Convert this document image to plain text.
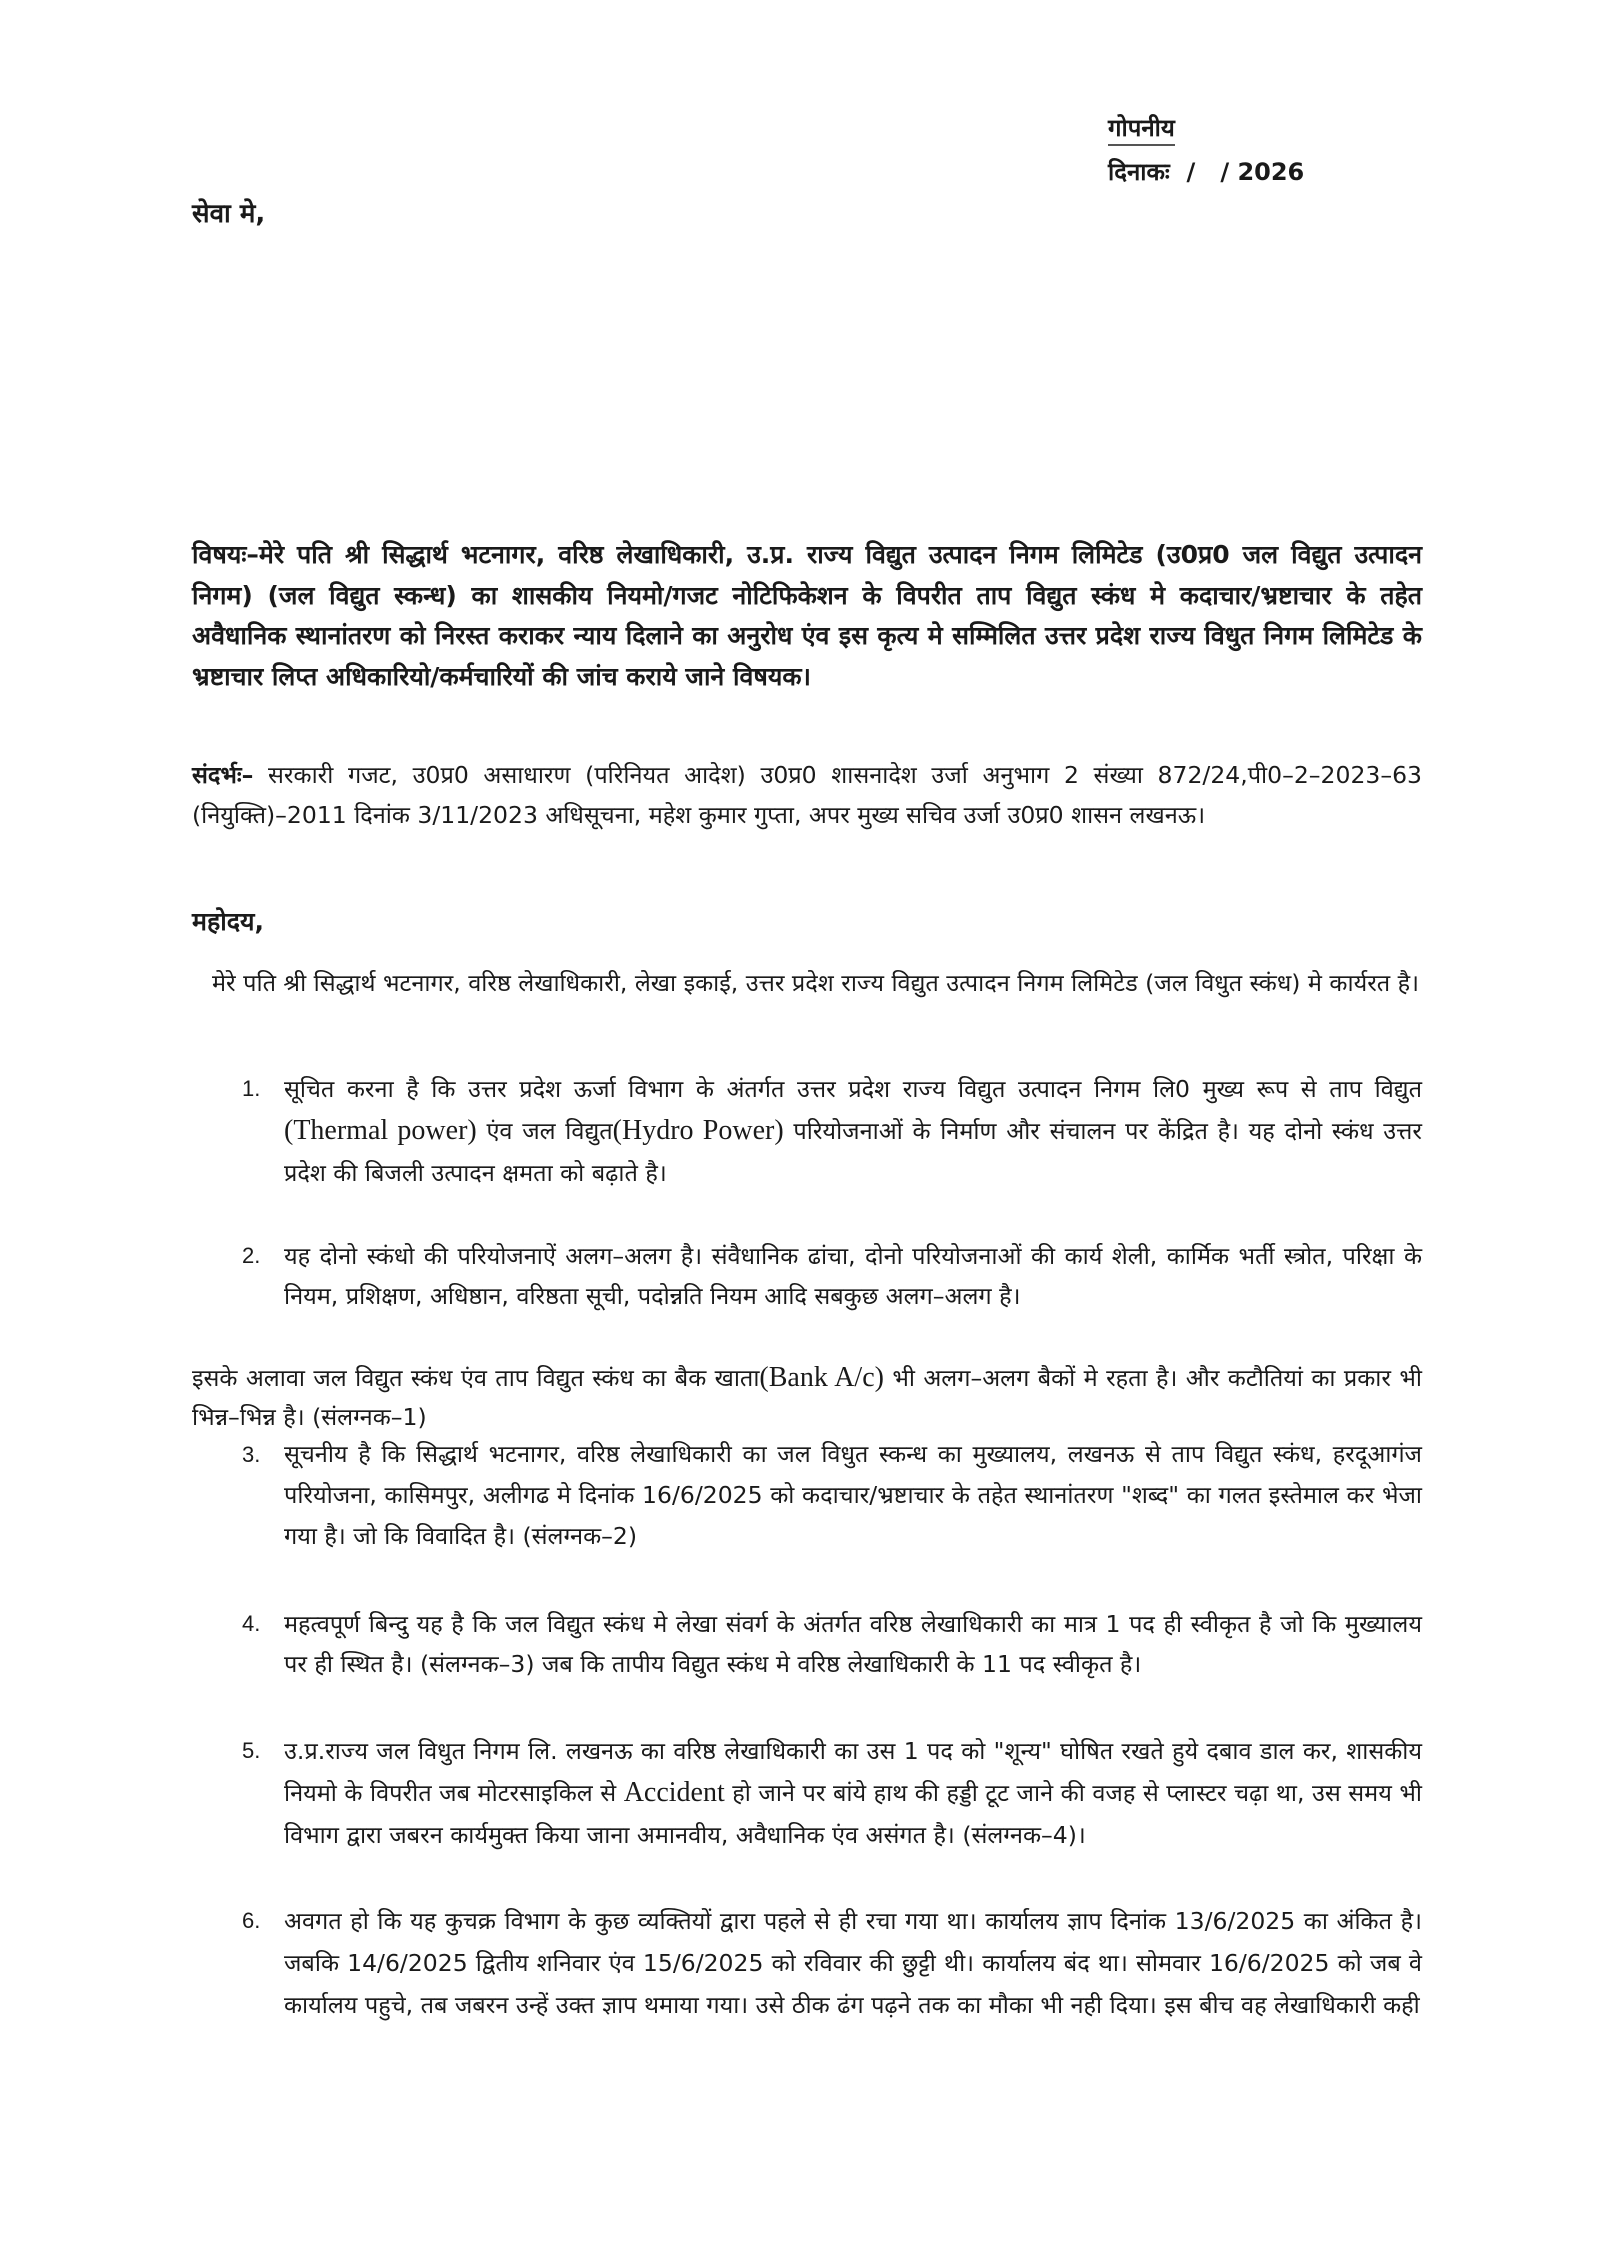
गोपनीय
दिनाकः  /   / 2026
सेवा मे,
विषयः–मेरे पति श्री सिद्धार्थ भटनागर, वरिष्ठ लेखाधिकारी, उ.प्र. राज्य विद्युत उत्पादन निगम लिमिटेड (उ0प्र0 जल विद्युत उत्पादन निगम) (जल विद्युत स्कन्ध) का शासकीय नियमो/गजट नोटिफिकेशन के विपरीत ताप विद्युत स्कंध मे कदाचार/भ्रष्टाचार के तहेत अवैधानिक स्थानांतरण को निरस्त कराकर न्याय दिलाने का अनुरोध एंव इस कृत्य मे सम्मिलित उत्तर प्रदेश राज्य विधुत निगम लिमिटेड के भ्रष्टाचार लिप्त अधिकारियो/कर्मचारियों की जांच कराये जाने विषयक।
संदर्भः– सरकारी गजट, उ0प्र0 असाधारण (परिनियत आदेश) उ0प्र0 शासनादेश उर्जा अनुभाग 2 संख्या 872/24,पी0–2–2023–63 (नियुक्ति)–2011 दिनांक 3/11/2023 अधिसूचना, महेश कुमार गुप्ता, अपर मुख्य सचिव उर्जा उ0प्र0 शासन लखनऊ।
महोदय,
मेरे पति श्री सिद्धार्थ भटनागर, वरिष्ठ लेखाधिकारी, लेखा इकाई, उत्तर प्रदेश राज्य विद्युत उत्पादन निगम लिमिटेड (जल विधुत स्कंध) मे कार्यरत है।
1.	सूचित करना है कि उत्तर प्रदेश ऊर्जा विभाग के अंतर्गत उत्तर प्रदेश राज्य विद्युत उत्पादन निगम लि0 मुख्य रूप से ताप विद्युत (Thermal power) एंव जल विद्युत(Hydro Power) परियोजनाओं के निर्माण और संचालन पर केंद्रित है। यह दोनो स्कंध उत्तर प्रदेश की बिजली उत्पादन क्षमता को बढ़ाते है।
2.	यह दोनो स्कंधो की परियोजनाऐं अलग–अलग है। संवैधानिक ढांचा, दोनो परियोजनाओं की कार्य शेली, कार्मिक भर्ती स्त्रोत, परिक्षा के नियम, प्रशिक्षण, अधिष्ठान, वरिष्ठता सूची, पदोन्नति नियम आदि सबकुछ अलग–अलग है।
इसके अलावा जल विद्युत स्कंध एंव ताप विद्युत स्कंध का बैक खाता(Bank A/c) भी अलग–अलग बैकों मे रहता है। और कटौतियां का प्रकार भी भिन्न–भिन्न है। (संलग्नक–1)
3.	सूचनीय है कि सिद्धार्थ भटनागर, वरिष्ठ लेखाधिकारी का जल विधुत स्कन्ध का मुख्यालय, लखनऊ से ताप विद्युत स्कंध, हरदूआगंज परियोजना, कासिमपुर, अलीगढ मे दिनांक 16/6/2025 को कदाचार/भ्रष्टाचार के तहेत स्थानांतरण "शब्द" का गलत इस्तेमाल कर भेजा गया है। जो कि विवादित है। (संलग्नक–2)
4.	महत्वपूर्ण बिन्दु यह है कि जल विद्युत स्कंध मे लेखा संवर्ग के अंतर्गत वरिष्ठ लेखाधिकारी का मात्र 1 पद ही स्वीकृत है जो कि मुख्यालय पर ही स्थित है। (संलग्नक–3) जब कि तापीय विद्युत स्कंध मे वरिष्ठ लेखाधिकारी के 11 पद स्वीकृत है।
5.	उ.प्र.राज्य जल विधुत निगम लि. लखनऊ का वरिष्ठ लेखाधिकारी का उस 1 पद को "शून्य" घोषित रखते हुये दबाव डाल कर, शासकीय नियमो के विपरीत जब मोटरसाइकिल से Accident हो जाने पर बांये हाथ की हड्डी टूट जाने की वजह से प्लास्टर चढ़ा था, उस समय भी विभाग द्वारा जबरन कार्यमुक्त किया जाना अमानवीय, अवैधानिक एंव असंगत है। (संलग्नक–4)।
6.	अवगत हो कि यह कुचक्र विभाग के कुछ व्यक्तियों द्वारा पहले से ही रचा गया था। कार्यालय ज्ञाप दिनांक 13/6/2025 का अंकित है। जबकि 14/6/2025 द्वितीय शनिवार एंव 15/6/2025 को रविवार की छुट्टी थी। कार्यालय बंद था। सोमवार 16/6/2025 को जब वे कार्यालय पहुचे, तब जबरन उन्हें उक्त ज्ञाप थमाया गया। उसे ठीक ढंग पढ़ने तक का मौका भी नही दिया। इस बीच वह लेखाधिकारी कही
